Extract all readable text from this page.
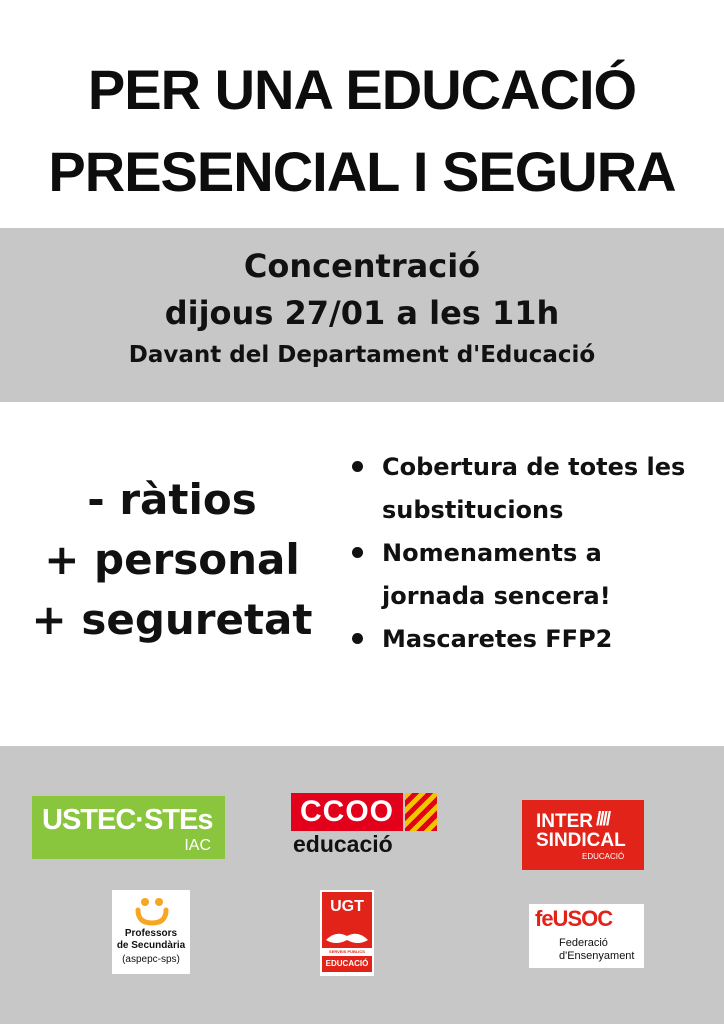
PER UNA EDUCACIÓ
PRESENCIAL I SEGURA
Concentració
dijous 27/01 a les 11h
Davant del Departament d'Educació
- ràtios
+ personal
+ seguretat
Cobertura de totes les substitucions
Nomenaments a jornada sencera!
Mascaretes FFP2
USTEC·STEs
IAC
CCOO
educació
INTER ////
SINDICAL
EDUCACIÓ
Professors
de Secundària
(aspepc-sps)
UGT
SERVEIS PÚBLICS
EDUCACIÓ
feUSOC
Federació
d'Ensenyament
